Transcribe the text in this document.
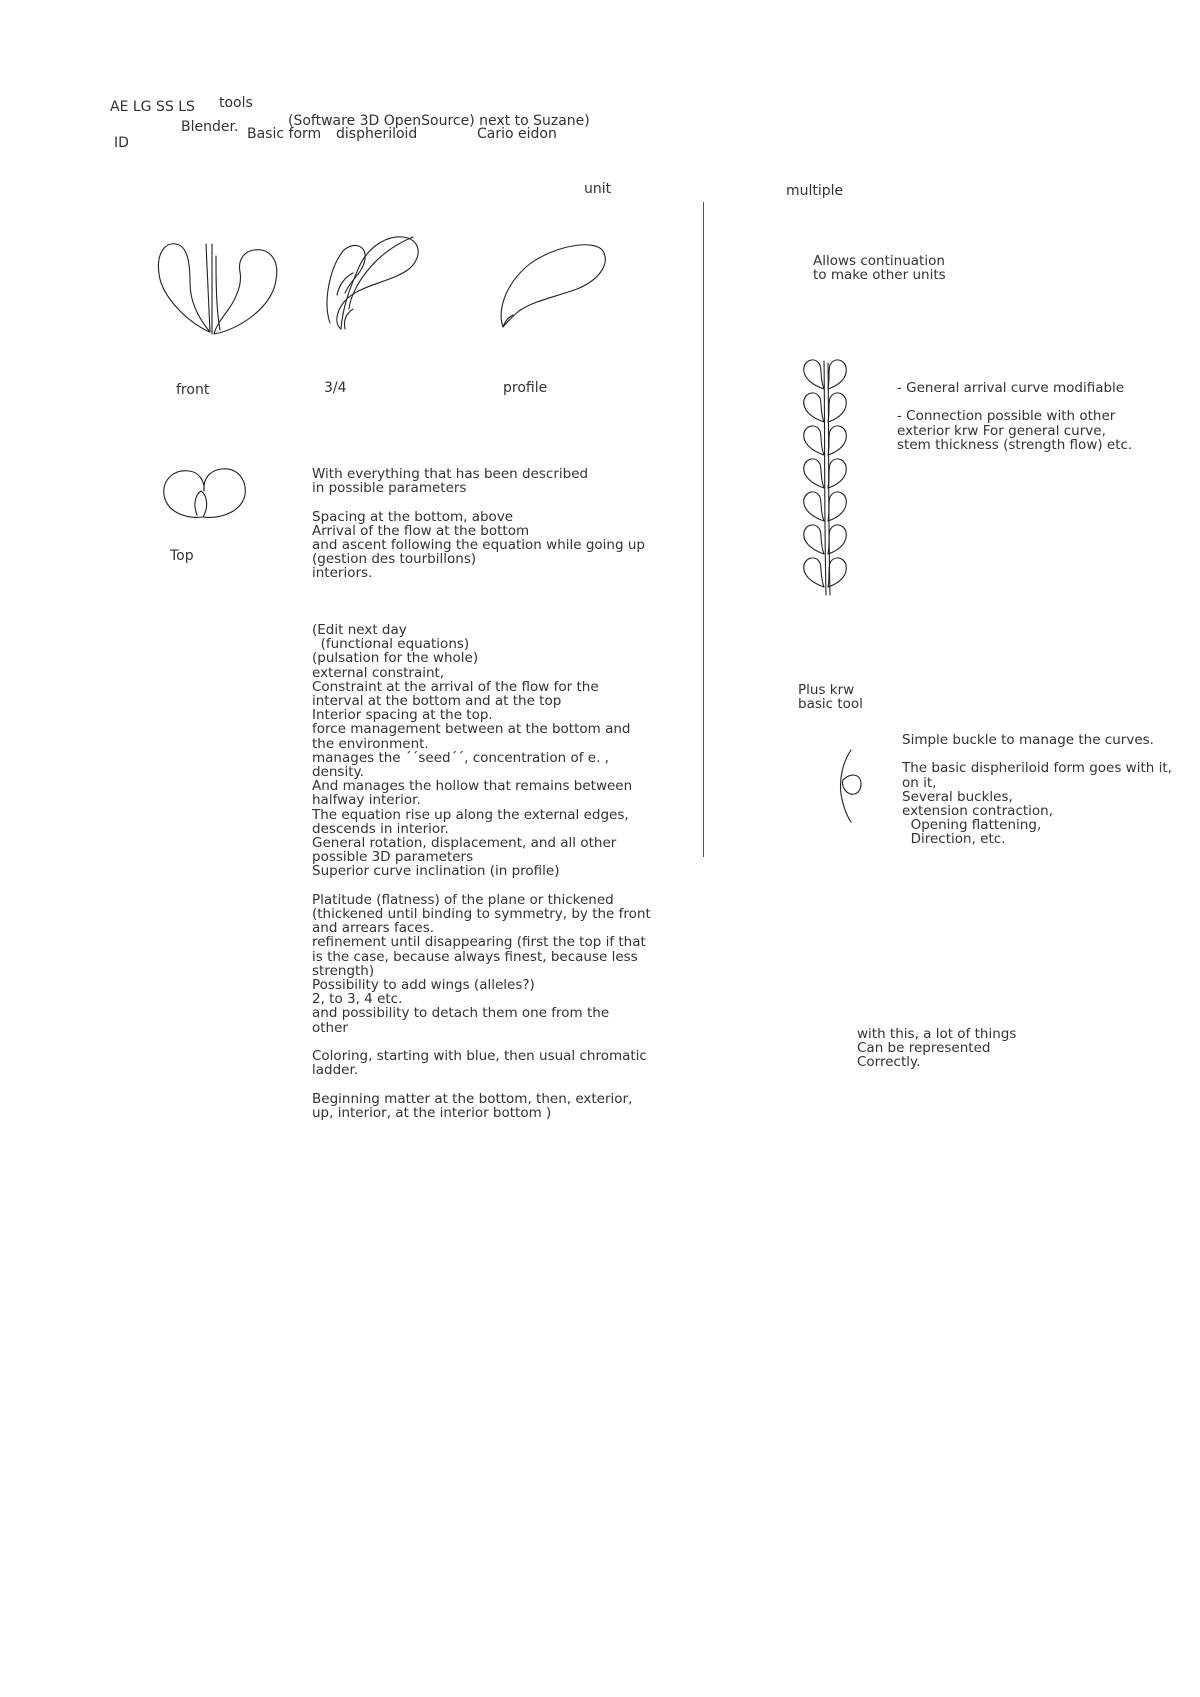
AE LG SS LS tools
ID
Blender.	(Software 3D OpenSource) next to Suzane)
Basic form dispheriloid	Cario eidon
unit	multiple
front	3/4	profile
Top
With everything that has been described
in possible parameters

Spacing at the bottom, above
Arrival of the flow at the bottom
and ascent following the equation while going up
(gestion des tourbillons)
interiors.
(Edit next day
(functional equations)
(pulsation for the whole)
external constraint,
Constraint at the arrival of the flow for the
interval at the bottom and at the top
Interior spacing at the top.
force management between at the bottom and
the environment.
manages the ´´seed´´, concentration of e. ,
density.
And manages the hollow that remains between
halfway interior.
The equation rise up along the external edges,
descends in interior.
General rotation, displacement, and all other
possible 3D parameters
Superior curve inclination (in profile)

Platitude (flatness) of the plane or thickened
(thickened until binding to symmetry, by the front
and arrears faces.
refinement until disappearing (first the top if that
is the case, because always finest, because less
strength)
Possibility to add wings (alleles?)
2, to 3, 4 etc.
and possibility to detach them one from the
other

Coloring, starting with blue, then usual chromatic
ladder.

Beginning matter at the bottom, then, exterior,
up, interior, at the interior bottom )
Allows continuation
to make other units
- General arrival curve modifiable

- Connection possible with other
exterior krw For general curve,
stem thickness (strength flow) etc.
Plus krw
basic tool
Simple buckle to manage the curves.

The basic dispheriloid form goes with it,
on it,
Several buckles,
extension contraction,
Opening flattening,
Direction, etc.
with this, a lot of things
Can be represented
Correctly.
